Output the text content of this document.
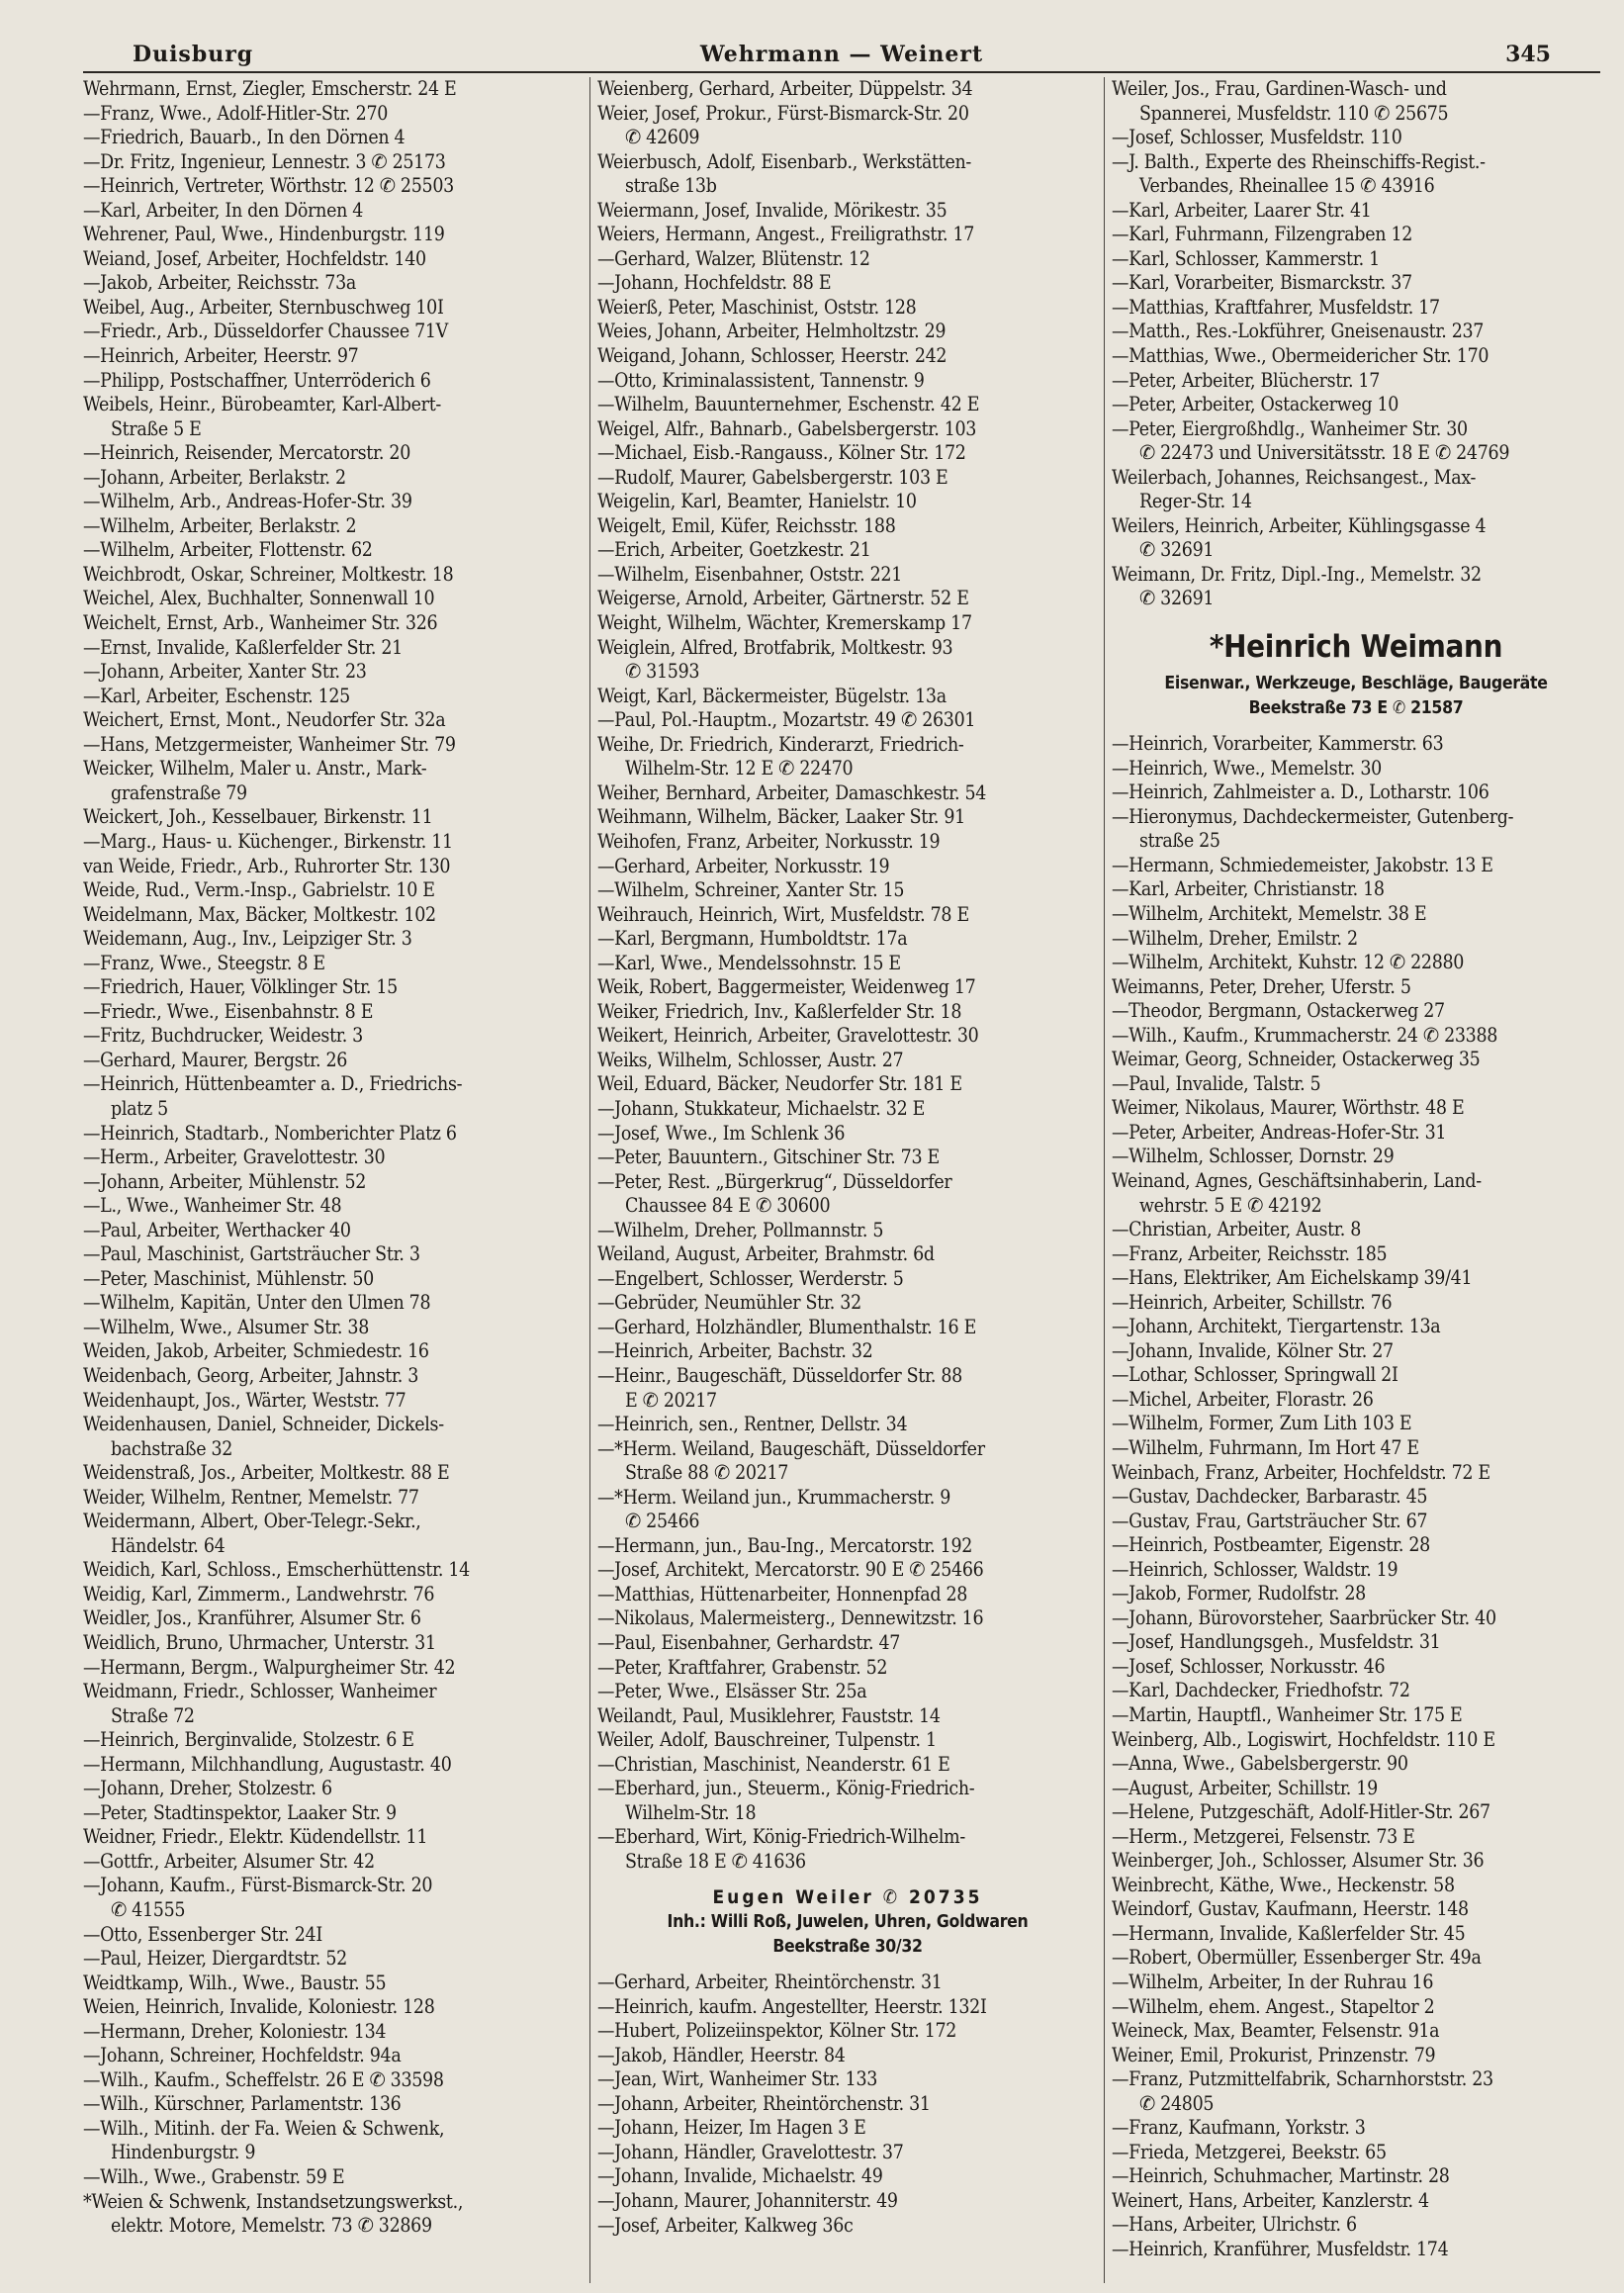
Duisburg	Wehrmann — Weinert	345
Wehrmann, Ernst, Ziegler, Emscherstr. 24 E
—Franz, Wwe., Adolf-Hitler-Str. 270
—Friedrich, Bauarb., In den Dörnen 4
—Dr. Fritz, Ingenieur, Lennestr. 3 ✆ 25173
—Heinrich, Vertreter, Wörthstr. 12 ✆ 25503
—Karl, Arbeiter, In den Dörnen 4
Wehrener, Paul, Wwe., Hindenburgstr. 119
Weiand, Josef, Arbeiter, Hochfeldstr. 140
—Jakob, Arbeiter, Reichsstr. 73a
Weibel, Aug., Arbeiter, Sternbuschweg 10I
—Friedr., Arb., Düsseldorfer Chaussee 71V
—Heinrich, Arbeiter, Heerstr. 97
—Philipp, Postschaffner, Unterröderich 6
Weibels, Heinr., Bürobeamter, Karl-Albert-
Straße 5 E
—Heinrich, Reisender, Mercatorstr. 20
—Johann, Arbeiter, Berlakstr. 2
—Wilhelm, Arb., Andreas-Hofer-Str. 39
—Wilhelm, Arbeiter, Berlakstr. 2
—Wilhelm, Arbeiter, Flottenstr. 62
Weichbrodt, Oskar, Schreiner, Moltkestr. 18
Weichel, Alex, Buchhalter, Sonnenwall 10
Weichelt, Ernst, Arb., Wanheimer Str. 326
—Ernst, Invalide, Kaßlerfelder Str. 21
—Johann, Arbeiter, Xanter Str. 23
—Karl, Arbeiter, Eschenstr. 125
Weichert, Ernst, Mont., Neudorfer Str. 32a
—Hans, Metzgermeister, Wanheimer Str. 79
Weicker, Wilhelm, Maler u. Anstr., Mark-
grafenstraße 79
Weickert, Joh., Kesselbauer, Birkenstr. 11
—Marg., Haus- u. Küchenger., Birkenstr. 11
van Weide, Friedr., Arb., Ruhrorter Str. 130
Weide, Rud., Verm.-Insp., Gabrielstr. 10 E
Weidelmann, Max, Bäcker, Moltkestr. 102
Weidemann, Aug., Inv., Leipziger Str. 3
—Franz, Wwe., Steegstr. 8 E
—Friedrich, Hauer, Völklinger Str. 15
—Friedr., Wwe., Eisenbahnstr. 8 E
—Fritz, Buchdrucker, Weidestr. 3
—Gerhard, Maurer, Bergstr. 26
—Heinrich, Hüttenbeamter a. D., Friedrichs-
platz 5
—Heinrich, Stadtarb., Nomberichter Platz 6
—Herm., Arbeiter, Gravelottestr. 30
—Johann, Arbeiter, Mühlenstr. 52
—L., Wwe., Wanheimer Str. 48
—Paul, Arbeiter, Werthacker 40
—Paul, Maschinist, Gartsträucher Str. 3
—Peter, Maschinist, Mühlenstr. 50
—Wilhelm, Kapitän, Unter den Ulmen 78
—Wilhelm, Wwe., Alsumer Str. 38
Weiden, Jakob, Arbeiter, Schmiedestr. 16
Weidenbach, Georg, Arbeiter, Jahnstr. 3
Weidenhaupt, Jos., Wärter, Weststr. 77
Weidenhausen, Daniel, Schneider, Dickels-
bachstraße 32
Weidenstraß, Jos., Arbeiter, Moltkestr. 88 E
Weider, Wilhelm, Rentner, Memelstr. 77
Weidermann, Albert, Ober-Telegr.-Sekr.,
Händelstr. 64
Weidich, Karl, Schloss., Emscherhüttenstr. 14
Weidig, Karl, Zimmerm., Landwehrstr. 76
Weidler, Jos., Kranführer, Alsumer Str. 6
Weidlich, Bruno, Uhrmacher, Unterstr. 31
—Hermann, Bergm., Walpurgheimer Str. 42
Weidmann, Friedr., Schlosser, Wanheimer
Straße 72
—Heinrich, Berginvalide, Stolzestr. 6 E
—Hermann, Milchhandlung, Augustastr. 40
—Johann, Dreher, Stolzestr. 6
—Peter, Stadtinspektor, Laaker Str. 9
Weidner, Friedr., Elektr. Küdendellstr. 11
—Gottfr., Arbeiter, Alsumer Str. 42
—Johann, Kaufm., Fürst-Bismarck-Str. 20
✆ 41555
—Otto, Essenberger Str. 24I
—Paul, Heizer, Diergardtstr. 52
Weidtkamp, Wilh., Wwe., Baustr. 55
Weien, Heinrich, Invalide, Koloniestr. 128
—Hermann, Dreher, Koloniestr. 134
—Johann, Schreiner, Hochfeldstr. 94a
—Wilh., Kaufm., Scheffelstr. 26 E ✆ 33598
—Wilh., Kürschner, Parlamentstr. 136
—Wilh., Mitinh. der Fa. Weien & Schwenk,
Hindenburgstr. 9
—Wilh., Wwe., Grabenstr. 59 E
*Weien & Schwenk, Instandsetzungswerkst.,
elektr. Motore, Memelstr. 73 ✆ 32869
Weienberg, Gerhard, Arbeiter, Düppelstr. 34
Weier, Josef, Prokur., Fürst-Bismarck-Str. 20
✆ 42609
Weierbusch, Adolf, Eisenbarb., Werkstätten-
straße 13b
Weiermann, Josef, Invalide, Mörikestr. 35
Weiers, Hermann, Angest., Freiligrathstr. 17
—Gerhard, Walzer, Blütenstr. 12
—Johann, Hochfeldstr. 88 E
Weierß, Peter, Maschinist, Oststr. 128
Weies, Johann, Arbeiter, Helmholtzstr. 29
Weigand, Johann, Schlosser, Heerstr. 242
—Otto, Kriminalassistent, Tannenstr. 9
—Wilhelm, Bauunternehmer, Eschenstr. 42 E
Weigel, Alfr., Bahnarb., Gabelsbergerstr. 103
—Michael, Eisb.-Rangauss., Kölner Str. 172
—Rudolf, Maurer, Gabelsbergerstr. 103 E
Weigelin, Karl, Beamter, Hanielstr. 10
Weigelt, Emil, Küfer, Reichsstr. 188
—Erich, Arbeiter, Goetzkestr. 21
—Wilhelm, Eisenbahner, Oststr. 221
Weigerse, Arnold, Arbeiter, Gärtnerstr. 52 E
Weight, Wilhelm, Wächter, Kremerskamp 17
Weiglein, Alfred, Brotfabrik, Moltkestr. 93
✆ 31593
Weigt, Karl, Bäckermeister, Bügelstr. 13a
—Paul, Pol.-Hauptm., Mozartstr. 49 ✆ 26301
Weihe, Dr. Friedrich, Kinderarzt, Friedrich-
Wilhelm-Str. 12 E ✆ 22470
Weiher, Bernhard, Arbeiter, Damaschkestr. 54
Weihmann, Wilhelm, Bäcker, Laaker Str. 91
Weihofen, Franz, Arbeiter, Norkusstr. 19
—Gerhard, Arbeiter, Norkusstr. 19
—Wilhelm, Schreiner, Xanter Str. 15
Weihrauch, Heinrich, Wirt, Musfeldstr. 78 E
—Karl, Bergmann, Humboldtstr. 17a
—Karl, Wwe., Mendelssohnstr. 15 E
Weik, Robert, Baggermeister, Weidenweg 17
Weiker, Friedrich, Inv., Kaßlerfelder Str. 18
Weikert, Heinrich, Arbeiter, Gravelottestr. 30
Weiks, Wilhelm, Schlosser, Austr. 27
Weil, Eduard, Bäcker, Neudorfer Str. 181 E
—Johann, Stukkateur, Michaelstr. 32 E
—Josef, Wwe., Im Schlenk 36
—Peter, Bauuntern., Gitschiner Str. 73 E
—Peter, Rest. „Bürgerkrug“, Düsseldorfer
Chaussee 84 E ✆ 30600
—Wilhelm, Dreher, Pollmannstr. 5
Weiland, August, Arbeiter, Brahmstr. 6d
—Engelbert, Schlosser, Werderstr. 5
—Gebrüder, Neumühler Str. 32
—Gerhard, Holzhändler, Blumenthalstr. 16 E
—Heinrich, Arbeiter, Bachstr. 32
—Heinr., Baugeschäft, Düsseldorfer Str. 88
E ✆ 20217
—Heinrich, sen., Rentner, Dellstr. 34
—*Herm. Weiland, Baugeschäft, Düsseldorfer
Straße 88 ✆ 20217
—*Herm. Weiland jun., Krummacherstr. 9
✆ 25466
—Hermann, jun., Bau-Ing., Mercatorstr. 192
—Josef, Architekt, Mercatorstr. 90 E ✆ 25466
—Matthias, Hüttenarbeiter, Honnenpfad 28
—Nikolaus, Malermeisterg., Dennewitzstr. 16
—Paul, Eisenbahner, Gerhardstr. 47
—Peter, Kraftfahrer, Grabenstr. 52
—Peter, Wwe., Elsässer Str. 25a
Weilandt, Paul, Musiklehrer, Fauststr. 14
Weiler, Adolf, Bauschreiner, Tulpenstr. 1
—Christian, Maschinist, Neanderstr. 61 E
—Eberhard, jun., Steuerm., König-Friedrich-
Wilhelm-Str. 18
—Eberhard, Wirt, König-Friedrich-Wilhelm-
Straße 18 E ✆ 41636
Eugen Weiler ✆ 20735
Inh.: Willi Roß, Juwelen, Uhren, Goldwaren
Beekstraße 30/32
—Gerhard, Arbeiter, Rheintörchenstr. 31
—Heinrich, kaufm. Angestellter, Heerstr. 132I
—Hubert, Polizeiinspektor, Kölner Str. 172
—Jakob, Händler, Heerstr. 84
—Jean, Wirt, Wanheimer Str. 133
—Johann, Arbeiter, Rheintörchenstr. 31
—Johann, Heizer, Im Hagen 3 E
—Johann, Händler, Gravelottestr. 37
—Johann, Invalide, Michaelstr. 49
—Johann, Maurer, Johanniterstr. 49
—Josef, Arbeiter, Kalkweg 36c
Weiler, Jos., Frau, Gardinen-Wasch- und
Spannerei, Musfeldstr. 110 ✆ 25675
—Josef, Schlosser, Musfeldstr. 110
—J. Balth., Experte des Rheinschiffs-Regist.-
Verbandes, Rheinallee 15 ✆ 43916
—Karl, Arbeiter, Laarer Str. 41
—Karl, Fuhrmann, Filzengraben 12
—Karl, Schlosser, Kammerstr. 1
—Karl, Vorarbeiter, Bismarckstr. 37
—Matthias, Kraftfahrer, Musfeldstr. 17
—Matth., Res.-Lokführer, Gneisenaustr. 237
—Matthias, Wwe., Obermeidericher Str. 170
—Peter, Arbeiter, Blücherstr. 17
—Peter, Arbeiter, Ostackerweg 10
—Peter, Eiergroßhdlg., Wanheimer Str. 30
✆ 22473 und Universitätsstr. 18 E ✆ 24769
Weilerbach, Johannes, Reichsangest., Max-
Reger-Str. 14
Weilers, Heinrich, Arbeiter, Kühlingsgasse 4
✆ 32691
Weimann, Dr. Fritz, Dipl.-Ing., Memelstr. 32
✆ 32691
*Heinrich Weimann
Eisenwar., Werkzeuge, Beschläge, Baugeräte
Beekstraße 73 E ✆ 21587
—Heinrich, Vorarbeiter, Kammerstr. 63
—Heinrich, Wwe., Memelstr. 30
—Heinrich, Zahlmeister a. D., Lotharstr. 106
—Hieronymus, Dachdeckermeister, Gutenberg-
straße 25
—Hermann, Schmiedemeister, Jakobstr. 13 E
—Karl, Arbeiter, Christianstr. 18
—Wilhelm, Architekt, Memelstr. 38 E
—Wilhelm, Dreher, Emilstr. 2
—Wilhelm, Architekt, Kuhstr. 12 ✆ 22880
Weimanns, Peter, Dreher, Uferstr. 5
—Theodor, Bergmann, Ostackerweg 27
—Wilh., Kaufm., Krummacherstr. 24 ✆ 23388
Weimar, Georg, Schneider, Ostackerweg 35
—Paul, Invalide, Talstr. 5
Weimer, Nikolaus, Maurer, Wörthstr. 48 E
—Peter, Arbeiter, Andreas-Hofer-Str. 31
—Wilhelm, Schlosser, Dornstr. 29
Weinand, Agnes, Geschäftsinhaberin, Land-
wehrstr. 5 E ✆ 42192
—Christian, Arbeiter, Austr. 8
—Franz, Arbeiter, Reichsstr. 185
—Hans, Elektriker, Am Eichelskamp 39/41
—Heinrich, Arbeiter, Schillstr. 76
—Johann, Architekt, Tiergartenstr. 13a
—Johann, Invalide, Kölner Str. 27
—Lothar, Schlosser, Springwall 2I
—Michel, Arbeiter, Florastr. 26
—Wilhelm, Former, Zum Lith 103 E
—Wilhelm, Fuhrmann, Im Hort 47 E
Weinbach, Franz, Arbeiter, Hochfeldstr. 72 E
—Gustav, Dachdecker, Barbarastr. 45
—Gustav, Frau, Gartsträucher Str. 67
—Heinrich, Postbeamter, Eigenstr. 28
—Heinrich, Schlosser, Waldstr. 19
—Jakob, Former, Rudolfstr. 28
—Johann, Bürovorsteher, Saarbrücker Str. 40
—Josef, Handlungsgeh., Musfeldstr. 31
—Josef, Schlosser, Norkusstr. 46
—Karl, Dachdecker, Friedhofstr. 72
—Martin, Hauptfl., Wanheimer Str. 175 E
Weinberg, Alb., Logiswirt, Hochfeldstr. 110 E
—Anna, Wwe., Gabelsbergerstr. 90
—August, Arbeiter, Schillstr. 19
—Helene, Putzgeschäft, Adolf-Hitler-Str. 267
—Herm., Metzgerei, Felsenstr. 73 E
Weinberger, Joh., Schlosser, Alsumer Str. 36
Weinbrecht, Käthe, Wwe., Heckenstr. 58
Weindorf, Gustav, Kaufmann, Heerstr. 148
—Hermann, Invalide, Kaßlerfelder Str. 45
—Robert, Obermüller, Essenberger Str. 49a
—Wilhelm, Arbeiter, In der Ruhrau 16
—Wilhelm, ehem. Angest., Stapeltor 2
Weineck, Max, Beamter, Felsenstr. 91a
Weiner, Emil, Prokurist, Prinzenstr. 79
—Franz, Putzmittelfabrik, Scharnhorststr. 23
✆ 24805
—Franz, Kaufmann, Yorkstr. 3
—Frieda, Metzgerei, Beekstr. 65
—Heinrich, Schuhmacher, Martinstr. 28
Weinert, Hans, Arbeiter, Kanzlerstr. 4
—Hans, Arbeiter, Ulrichstr. 6
—Heinrich, Kranführer, Musfeldstr. 174
